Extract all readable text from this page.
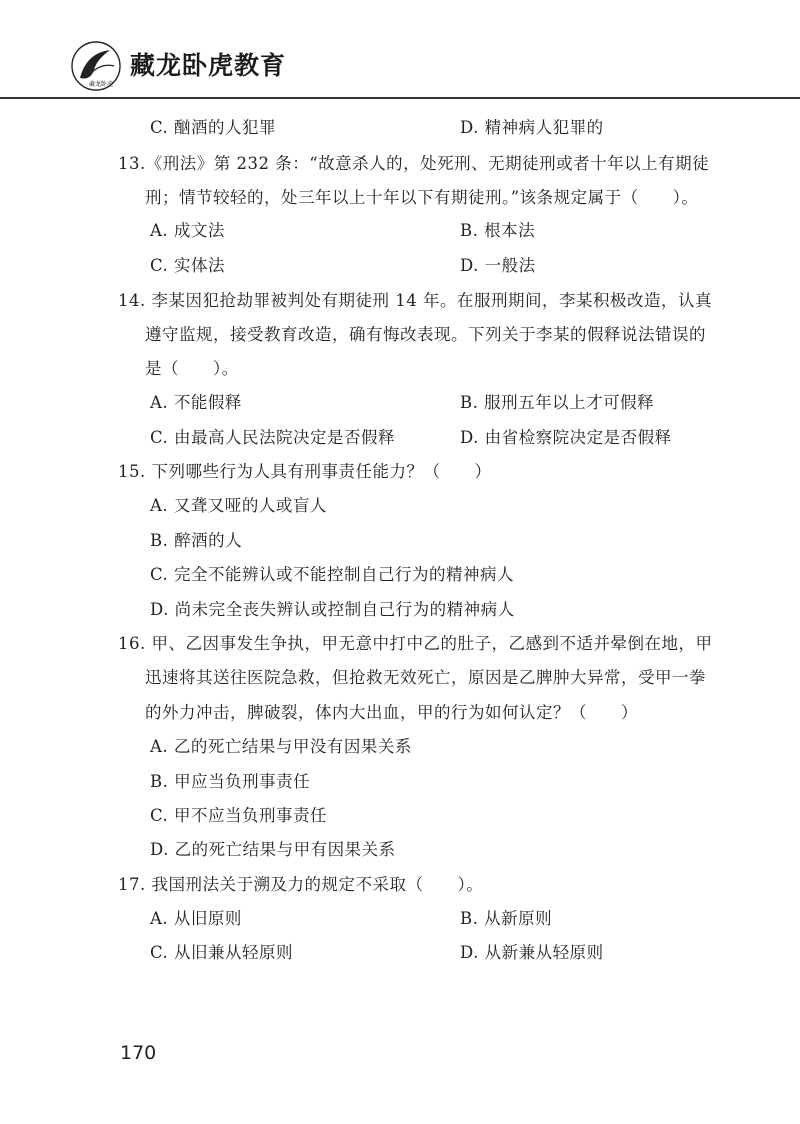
藏龙卧虎
藏龙卧虎教育
C. 酗酒的人犯罪	D. 精神病人犯罪的
13.《刑法》第 232 条：“故意杀人的，处死刑、无期徒刑或者十年以上有期徒
刑；情节较轻的，处三年以上十年以下有期徒刑。”该条规定属于（　　）。
A. 成文法	B. 根本法
C. 实体法	D. 一般法
14. 李某因犯抢劫罪被判处有期徒刑 14 年。在服刑期间，李某积极改造，认真
遵守监规，接受教育改造，确有悔改表现。下列关于李某的假释说法错误的
是（　　）。
A. 不能假释	B. 服刑五年以上才可假释
C. 由最高人民法院决定是否假释	D. 由省检察院决定是否假释
15. 下列哪些行为人具有刑事责任能力？（　　）
A. 又聋又哑的人或盲人
B. 醉酒的人
C. 完全不能辨认或不能控制自己行为的精神病人
D. 尚未完全丧失辨认或控制自己行为的精神病人
16. 甲、乙因事发生争执，甲无意中打中乙的肚子，乙感到不适并晕倒在地，甲
迅速将其送往医院急救，但抢救无效死亡，原因是乙脾肿大异常，受甲一拳
的外力冲击，脾破裂，体内大出血，甲的行为如何认定？（　　）
A. 乙的死亡结果与甲没有因果关系
B. 甲应当负刑事责任
C. 甲不应当负刑事责任
D. 乙的死亡结果与甲有因果关系
17. 我国刑法关于溯及力的规定不采取（　　）。
A. 从旧原则	B. 从新原则
C. 从旧兼从轻原则	D. 从新兼从轻原则
170
